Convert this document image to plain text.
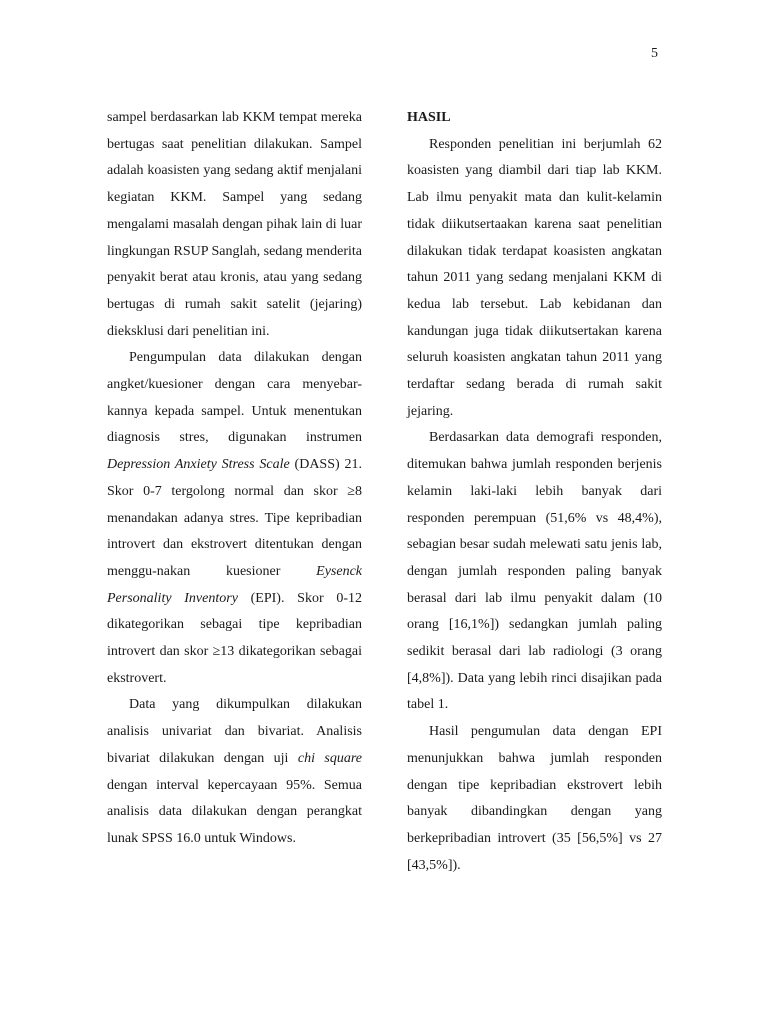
5

sampel berdasarkan lab KKM tempat mereka bertugas saat penelitian dilakukan. Sampel adalah koasisten yang sedang aktif menjalani kegiatan KKM. Sampel yang sedang mengalami masalah dengan pihak lain di luar lingkungan RSUP Sanglah, sedang menderita penyakit berat atau kronis, atau yang sedang bertugas di rumah sakit satelit (jejaring) dieksklusi dari penelitian ini.

Pengumpulan data dilakukan dengan angket/kuesioner dengan cara menyebar-kannya kepada sampel. Untuk menentukan diagnosis stres, digunakan instrumen Depression Anxiety Stress Scale (DASS) 21. Skor 0-7 tergolong normal dan skor ≥8 menandakan adanya stres. Tipe kepribadian introvert dan ekstrovert ditentukan dengan menggu-nakan kuesioner Eysenck Personality Inventory (EPI). Skor 0-12 dikategorikan sebagai tipe kepribadian introvert dan skor ≥13 dikategorikan sebagai ekstrovert.

Data yang dikumpulkan dilakukan analisis univariat dan bivariat. Analisis bivariat dilakukan dengan uji chi square dengan interval kepercayaan 95%. Semua analisis data dilakukan dengan perangkat lunak SPSS 16.0 untuk Windows.

HASIL

Responden penelitian ini berjumlah 62 koasisten yang diambil dari tiap lab KKM. Lab ilmu penyakit mata dan kulit-kelamin tidak diikutsertaakan karena saat penelitian dilakukan tidak terdapat koasisten angkatan tahun 2011 yang sedang menjalani KKM di kedua lab tersebut. Lab kebidanan dan kandungan juga tidak diikutsertakan karena seluruh koasisten angkatan tahun 2011 yang terdaftar sedang berada di rumah sakit jejaring.

Berdasarkan data demografi responden, ditemukan bahwa jumlah responden berjenis kelamin laki-laki lebih banyak dari responden perempuan (51,6% vs 48,4%), sebagian besar sudah melewati satu jenis lab, dengan jumlah responden paling banyak berasal dari lab ilmu penyakit dalam (10 orang [16,1%]) sedangkan jumlah paling sedikit berasal dari lab radiologi (3 orang [4,8%]). Data yang lebih rinci disajikan pada tabel 1.

Hasil pengumulan data dengan EPI menunjukkan bahwa jumlah responden dengan tipe kepribadian ekstrovert lebih banyak dibandingkan dengan yang berkepribadian introvert (35 [56,5%] vs 27 [43,5%]).
